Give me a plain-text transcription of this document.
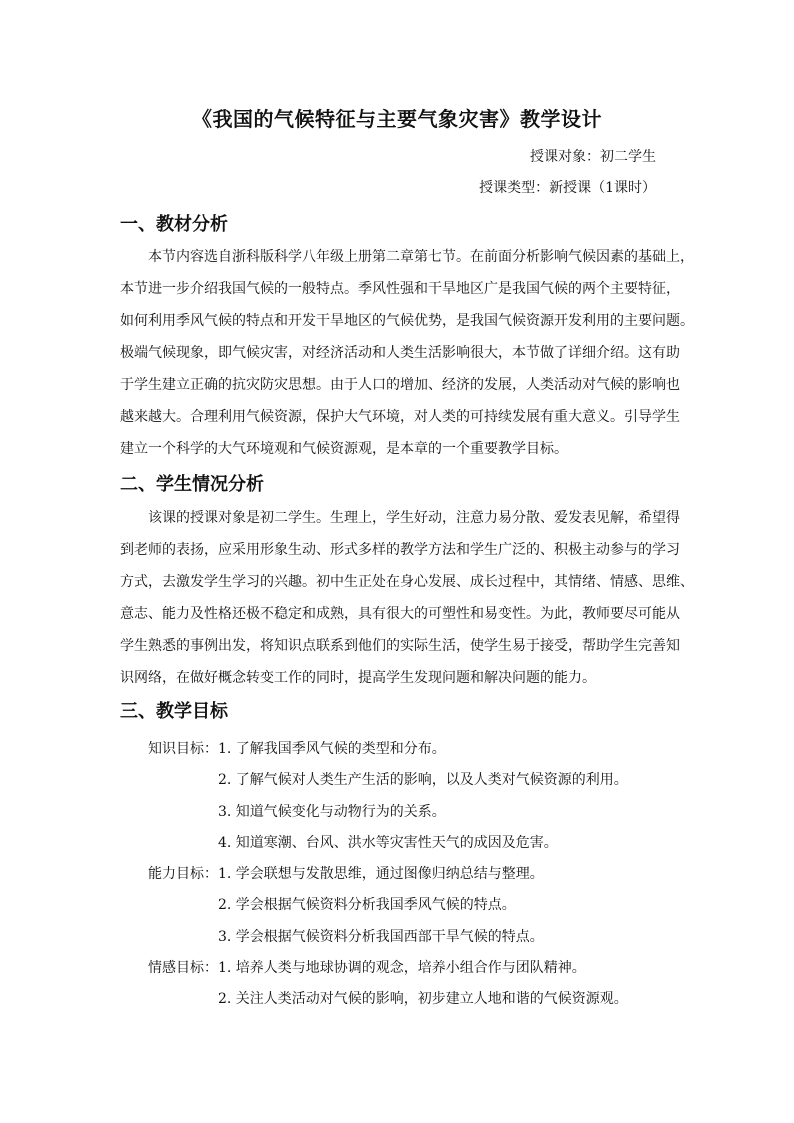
《我国的气候特征与主要气象灾害》教学设计
授课对象：初二学生
授课类型：新授课（1课时）
一、教材分析
本节内容选自浙科版科学八年级上册第二章第七节。在前面分析影响气候因素的基础上，
本节进一步介绍我国气候的一般特点。季风性强和干旱地区广是我国气候的两个主要特征，
如何利用季风气候的特点和开发干旱地区的气候优势，是我国气候资源开发利用的主要问题。
极端气候现象，即气候灾害，对经济活动和人类生活影响很大，本节做了详细介绍。这有助
于学生建立正确的抗灾防灾思想。由于人口的增加、经济的发展，人类活动对气候的影响也
越来越大。合理利用气候资源，保护大气环境，对人类的可持续发展有重大意义。引导学生
建立一个科学的大气环境观和气候资源观，是本章的一个重要教学目标。
二、学生情况分析
该课的授课对象是初二学生。生理上，学生好动，注意力易分散、爱发表见解，希望得
到老师的表扬，应采用形象生动、形式多样的教学方法和学生广泛的、积极主动参与的学习
方式，去激发学生学习的兴趣。初中生正处在身心发展、成长过程中，其情绪、情感、思维、
意志、能力及性格还极不稳定和成熟，具有很大的可塑性和易变性。为此，教师要尽可能从
学生熟悉的事例出发，将知识点联系到他们的实际生活，使学生易于接受，帮助学生完善知
识网络，在做好概念转变工作的同时，提高学生发现问题和解决问题的能力。
三、教学目标
知识目标： 1. 了解我国季风气候的类型和分布。
2. 了解气候对人类生产生活的影响，以及人类对气候资源的利用。
3. 知道气候变化与动物行为的关系。
4. 知道寒潮、台风、洪水等灾害性天气的成因及危害。
能力目标： 1. 学会联想与发散思维，通过图像归纳总结与整理。
2. 学会根据气候资料分析我国季风气候的特点。
3. 学会根据气候资料分析我国西部干旱气候的特点。
情感目标： 1. 培养人类与地球协调的观念，培养小组合作与团队精神。
2. 关注人类活动对气候的影响，初步建立人地和谐的气候资源观。
